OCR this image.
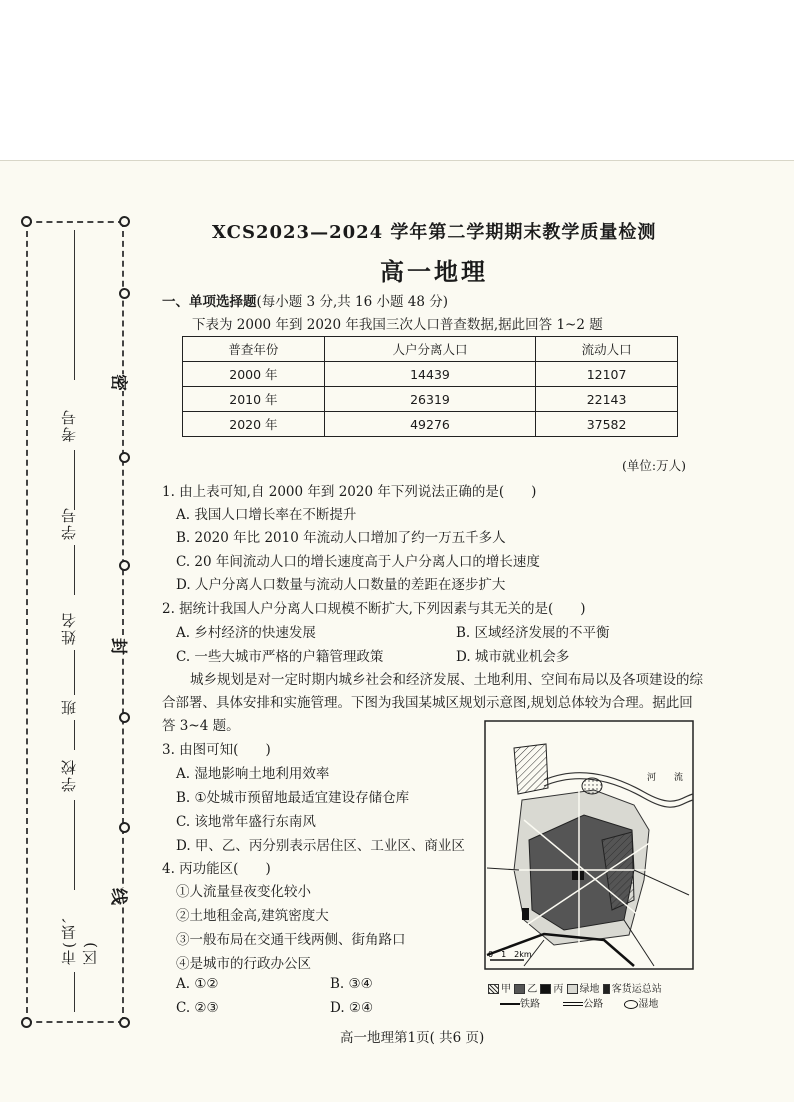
考号
学号
姓名
班
学校
市(县、区)
密
封
线
XCS2023—2024 学年第二学期期末教学质量检测
高一地理
一、单项选择题(每小题 3 分,共 16 小题 48 分)
下表为 2000 年到 2020 年我国三次人口普查数据,据此回答 1~2 题
普查年份	人户分离人口	流动人口
2000 年	14439	12107
2010 年	26319	22143
2020 年	49276	37582
(单位:万人)
1. 由上表可知,自 2000 年到 2020 年下列说法正确的是(　　)
A. 我国人口增长率在不断提升
B. 2020 年比 2010 年流动人口增加了约一万五千多人
C. 20 年间流动人口的增长速度高于人户分离人口的增长速度
D. 人户分离人口数量与流动人口数量的差距在逐步扩大
2. 据统计我国人户分离人口规模不断扩大,下列因素与其无关的是(　　)
A. 乡村经济的快速发展	B. 区域经济发展的不平衡
C. 一些大城市严格的户籍管理政策	D. 城市就业机会多
城乡规划是对一定时期内城乡社会和经济发展、土地利用、空间布局以及各项建设的综
合部署、具体安排和实施管理。下图为我国某城区规划示意图,规划总体较为合理。据此回
答 3~4 题。
3. 由图可知(　　)
A. 湿地影响土地利用效率
B. ①处城市预留地最适宜建设存储仓库
C. 该地常年盛行东南风
D. 甲、乙、丙分别表示居住区、工业区、商业区
4. 丙功能区(　　)
①人流量昼夜变化较小
②土地租金高,建筑密度大
③一般布局在交通干线两侧、街角路口
④是城市的行政办公区
A. ①②	B. ③④
C. ②③	D. ②④
0　1　2km
河 流
甲 乙 丙 绿地 客货运总站
铁路	公路	湿地
高一地理第1页( 共6 页)
